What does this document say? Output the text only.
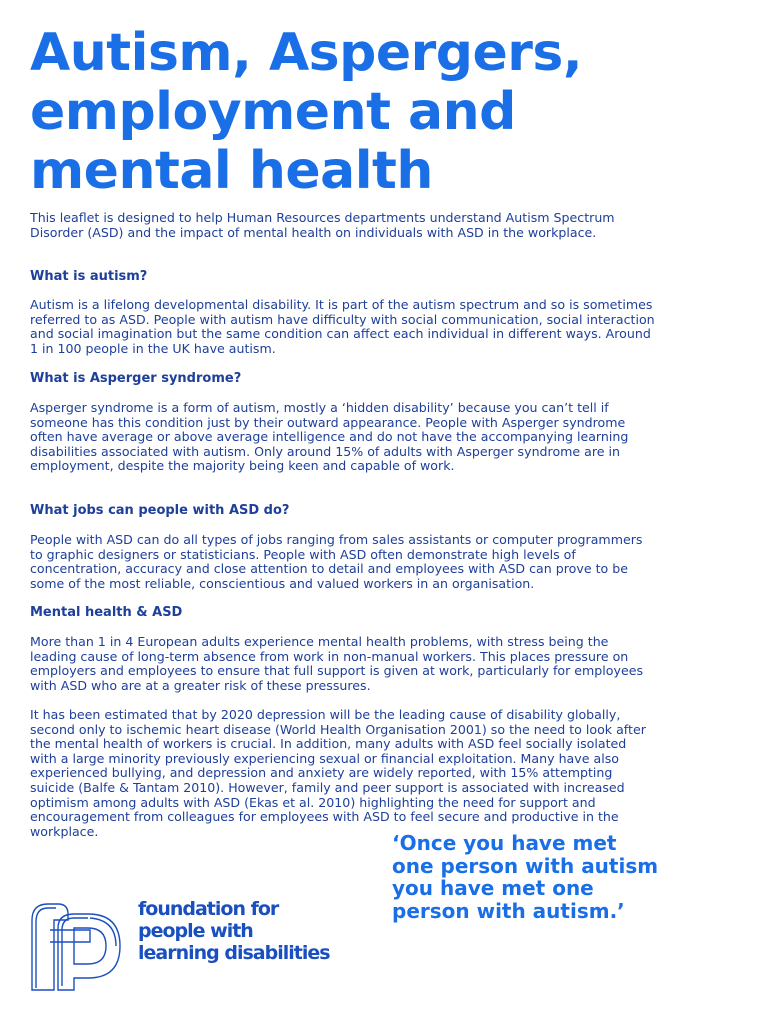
Autism, Aspergers,
employment and
mental health

This leaflet is designed to help Human Resources departments understand Autism Spectrum Disorder (ASD) and the impact of mental health on individuals with ASD in the workplace.

What is autism?

Autism is a lifelong developmental disability. It is part of the autism spectrum and so is sometimes referred to as ASD. People with autism have difficulty with social communication, social interaction and social imagination but the same condition can affect each individual in different ways. Around 1 in 100 people in the UK have autism.

What is Asperger syndrome?

Asperger syndrome is a form of autism, mostly a ‘hidden disability’ because you can’t tell if someone has this condition just by their outward appearance. People with Asperger syndrome often have average or above average intelligence and do not have the accompanying learning disabilities associated with autism. Only around 15% of adults with Asperger syndrome are in employment, despite the majority being keen and capable of work.

What jobs can people with ASD do?

People with ASD can do all types of jobs ranging from sales assistants or computer programmers to graphic designers or statisticians. People with ASD often demonstrate high levels of concentration, accuracy and close attention to detail and employees with ASD can prove to be some of the most reliable, conscientious and valued workers in an organisation.

Mental health & ASD

More than 1 in 4 European adults experience mental health problems, with stress being the leading cause of long-term absence from work in non-manual workers. This places pressure on employers and employees to ensure that full support is given at work, particularly for employees with ASD who are at a greater risk of these pressures.

It has been estimated that by 2020 depression will be the leading cause of disability globally, second only to ischemic heart disease (World Health Organisation 2001) so the need to look after the mental health of workers is crucial. In addition, many adults with ASD feel socially isolated with a large minority previously experiencing sexual or financial exploitation. Many have also experienced bullying, and depression and anxiety are widely reported, with 15% attempting suicide (Balfe & Tantam 2010). However, family and peer support is associated with increased optimism among adults with ASD (Ekas et al. 2010) highlighting the need for support and encouragement from colleagues for employees with ASD to feel secure and productive in the workplace.	‘Once you have met one person with autism you have met one person with autism.’

foundation for
people with
learning disabilities
